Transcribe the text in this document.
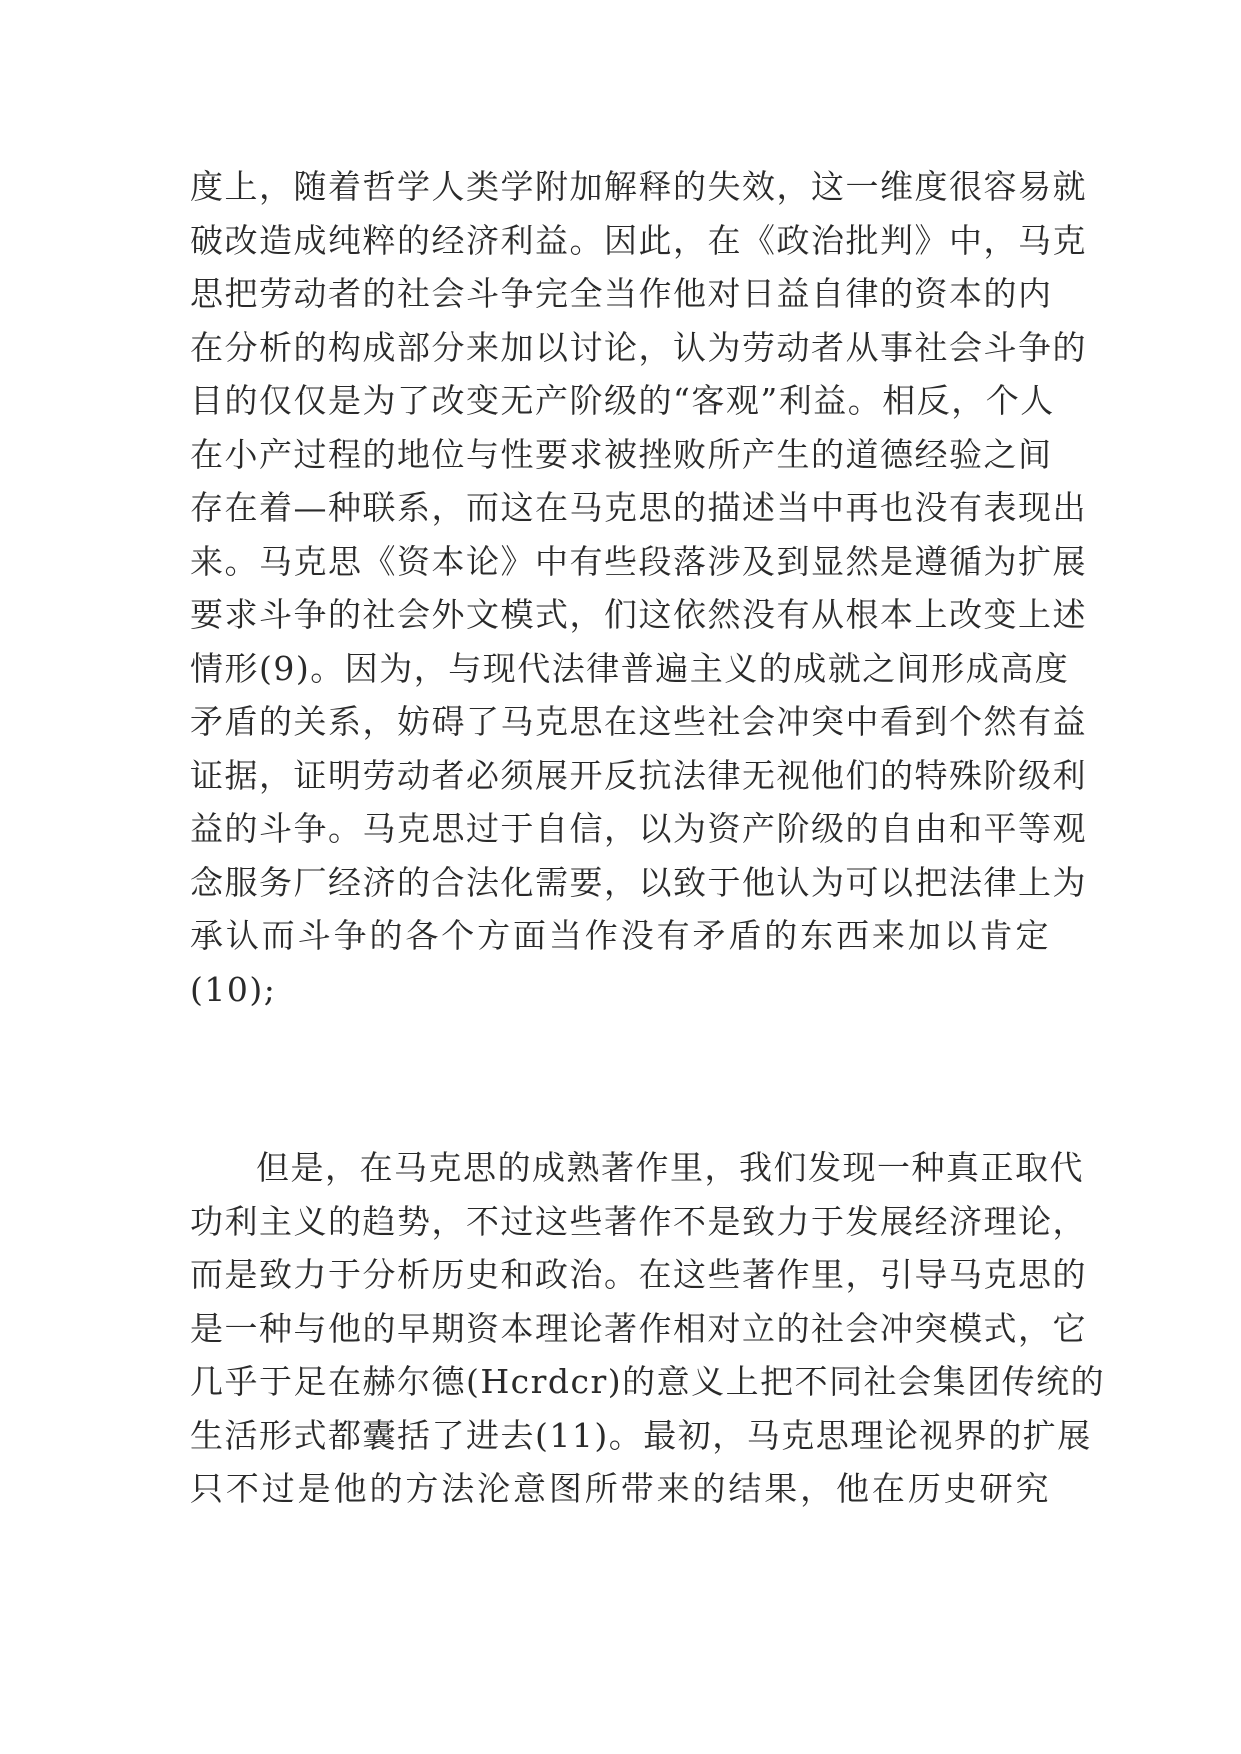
度上，随着哲学人类学附加解释的失效，这一维度很容易就
破改造成纯粹的经济利益。因此，在《政治批判》中，马克
思把劳动者的社会斗争完全当作他对日益自律的资本的内
在分析的构成部分来加以讨论，认为劳动者从事社会斗争的
目的仅仅是为了改变无产阶级的“客观”利益。相反，个人
在小产过程的地位与性要求被挫败所产生的道德经验之间
存在着—种联系，而这在马克思的描述当中再也没有表现出
来。马克思《资本论》中有些段落涉及到显然是遵循为扩展
要求斗争的社会外文模式，们这依然没有从根本上改变上述
情形(9)。因为，与现代法律普遍主义的成就之间形成高度
矛盾的关系，妨碍了马克思在这些社会冲突中看到个然有益
证据，证明劳动者必须展开反抗法律无视他们的特殊阶级利
益的斗争。马克思过于自信，以为资产阶级的自由和平等观
念服务厂经济的合法化需要，以致于他认为可以把法律上为
承认而斗争的各个方面当作没有矛盾的东西来加以肯定
(10);
但是，在马克思的成熟著作里，我们发现一种真正取代
功利主义的趋势，不过这些著作不是致力于发展经济理论，
而是致力于分析历史和政治。在这些著作里，引导马克思的
是一种与他的早期资本理论著作相对立的社会冲突模式，它
几乎于足在赫尔德(Hcrdcr)的意义上把不同社会集团传统的
生活形式都囊括了进去(11)。最初，马克思理论视界的扩展
只不过是他的方法沦意图所带来的结果，他在历史研究
